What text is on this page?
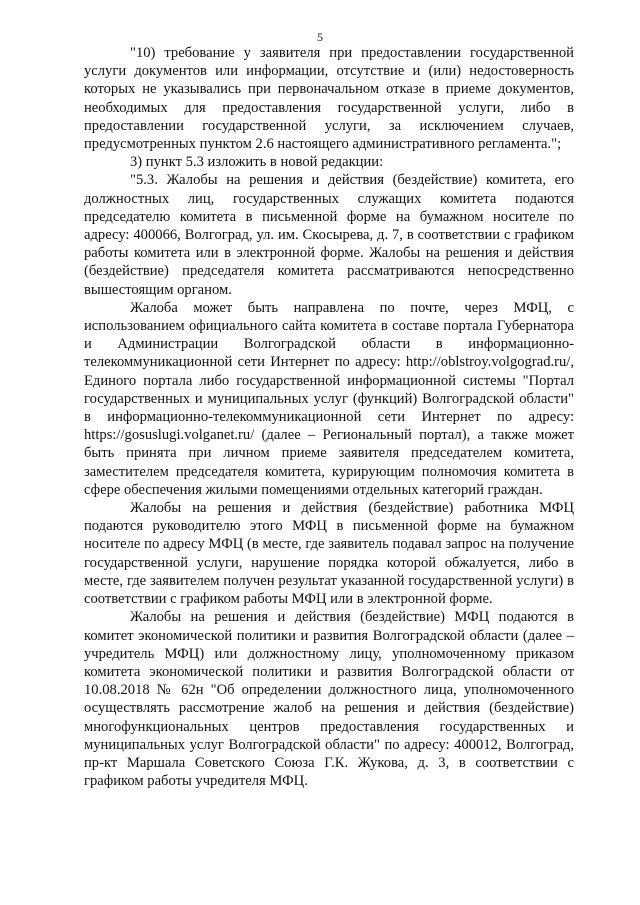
5

"10) требование у заявителя при предоставлении государственной услуги документов или информации, отсутствие и (или) недостоверность которых не указывались при первоначальном отказе в приеме документов, необходимых для предоставления государственной услуги, либо в предоставлении государственной услуги, за исключением случаев, предусмотренных пунктом 2.6 настоящего административного регламента.";

3) пункт 5.3 изложить в новой редакции:

"5.3. Жалобы на решения и действия (бездействие) комитета, его должностных лиц, государственных служащих комитета подаются председателю комитета в письменной форме на бумажном носителе по адресу: 400066, Волгоград, ул. им. Скосырева, д. 7, в соответствии с графиком работы комитета или в электронной форме. Жалобы на решения и действия (бездействие) председателя комитета рассматриваются непосредственно вышестоящим органом.

Жалоба может быть направлена по почте, через МФЦ, с использованием официального сайта комитета в составе портала Губернатора и Администрации Волгоградской области в информационно-телекоммуникационной сети Интернет по адресу: http://oblstroy.volgograd.ru/, Единого портала либо государственной информационной системы "Портал государственных и муниципальных услуг (функций) Волгоградской области" в информационно-телекоммуникационной сети Интернет по адресу: https://gosuslugi.volganet.ru/ (далее – Региональный портал), а также может быть принята при личном приеме заявителя председателем комитета, заместителем председателя комитета, курирующим полномочия комитета в сфере обеспечения жилыми помещениями отдельных категорий граждан.

Жалобы на решения и действия (бездействие) работника МФЦ подаются руководителю этого МФЦ в письменной форме на бумажном носителе по адресу МФЦ (в месте, где заявитель подавал запрос на получение государственной услуги, нарушение порядка которой обжалуется, либо в месте, где заявителем получен результат указанной государственной услуги) в соответствии с графиком работы МФЦ или в электронной форме.

Жалобы на решения и действия (бездействие) МФЦ подаются в комитет экономической политики и развития Волгоградской области (далее – учредитель МФЦ) или должностному лицу, уполномоченному приказом комитета экономической политики и развития Волгоградской области от 10.08.2018 № 62н "Об определении должностного лица, уполномоченного осуществлять рассмотрение жалоб на решения и действия (бездействие) многофункциональных центров предоставления государственных и муниципальных услуг Волгоградской области" по адресу: 400012, Волгоград, пр-кт Маршала Советского Союза Г.К. Жукова, д. 3, в соответствии с графиком работы учредителя МФЦ.
